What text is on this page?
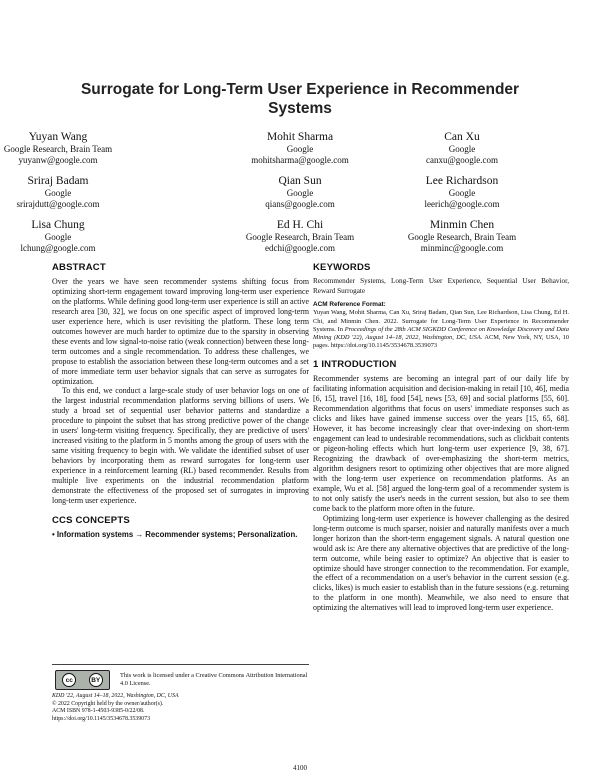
Surrogate for Long-Term User Experience in Recommender Systems
Yuyan Wang
Google Research, Brain Team
yuyanw@google.com
Mohit Sharma
Google
mohitsharma@google.com
Can Xu
Google
canxu@google.com
Sriraj Badam
Google
srirajdutt@google.com
Qian Sun
Google
qians@google.com
Lee Richardson
Google
leerich@google.com
Lisa Chung
Google
lchung@google.com
Ed H. Chi
Google Research, Brain Team
edchi@google.com
Minmin Chen
Google Research, Brain Team
minminc@google.com
ABSTRACT

Over the years we have seen recommender systems shifting focus from optimizing short-term engagement toward improving long-term user experience on the platforms. While defining good long-term user experience is still an active research area [30, 32], we focus on one specific aspect of improved long-term user experience here, which is user revisiting the platform. These long term outcomes however are much harder to optimize due to the sparsity in observing these events and low signal-to-noise ratio (weak connection) between these long-term outcomes and a single recommendation. To address these challenges, we propose to establish the association between these long-term outcomes and a set of more immediate term user behavior signals that can serve as surrogates for optimization.

To this end, we conduct a large-scale study of user behavior logs on one of the largest industrial recommendation platforms serving billions of users. We study a broad set of sequential user behavior patterns and standardize a procedure to pinpoint the subset that has strong predictive power of the change in users' long-term visiting frequency. Specifically, they are predictive of users' increased visiting to the platform in 5 months among the group of users with the same visiting frequency to begin with. We validate the identified subset of user behaviors by incorporating them as reward surrogates for long-term user experience in a reinforcement learning (RL) based recommender. Results from multiple live experiments on the industrial recommendation platform demonstrate the effectiveness of the proposed set of surrogates in improving long-term user experience.

CCS CONCEPTS

• Information systems → Recommender systems; Personalization.

cc	BY
This work is licensed under a Creative Commons Attribution International 4.0 License.
KDD '22, August 14–18, 2022, Washington, DC, USA
© 2022 Copyright held by the owner/author(s).
ACM ISBN 978-1-4503-9385-0/22/08.
https://doi.org/10.1145/3534678.3539073
KEYWORDS

Recommender Systems, Long-Term User Experience, Sequential User Behavior, Reward Surrogate

ACM Reference Format:
Yuyan Wang, Mohit Sharma, Can Xu, Sriraj Badam, Qian Sun, Lee Richardson, Lisa Chung, Ed H. Chi, and Minmin Chen. 2022. Surrogate for Long-Term User Experience in Recommender Systems. In Proceedings of the 28th ACM SIGKDD Conference on Knowledge Discovery and Data Mining (KDD '22), August 14–18, 2022, Washington, DC, USA. ACM, New York, NY, USA, 10 pages. https://doi.org/10.1145/3534678.3539073

1 INTRODUCTION

Recommender systems are becoming an integral part of our daily life by facilitating information acquisition and decision-making in retail [10, 46], media [6, 15], travel [16, 18], food [54], news [53, 69] and social platforms [55, 60]. Recommendation algorithms that focus on users' immediate responses such as clicks and likes have gained immense success over the years [15, 65, 68]. However, it has become increasingly clear that over-indexing on short-term engagement can lead to undesirable recommendations, such as clickbait contents or pigeon-holing effects which hurt long-term user experience [9, 38, 67]. Recognizing the drawback of over-emphasizing the short-term metrics, algorithm designers resort to optimizing other objectives that are more aligned with the long-term user experience on recommendation platforms. As an example, Wu et al. [58] argued the long-term goal of a recommender system is to not only satisfy the user's needs in the current session, but also to see them come back to the platform more often in the future.

Optimizing long-term user experience is however challenging as the desired long-term outcome is much sparser, noisier and naturally manifests over a much longer horizon than the short-term engagement signals. A natural question one would ask is: Are there any alternative objectives that are predictive of the long-term outcome, while being easier to optimize? An objective that is easier to optimize should have stronger connection to the recommendation. For example, the effect of a recommendation on a user's behavior in the current session (e.g. clicks, likes) is much easier to establish than in the future sessions (e.g. returning to the platform in one month). Meanwhile, we also need to ensure that optimizing the alternatives will lead to improved long-term user experience.

4100
